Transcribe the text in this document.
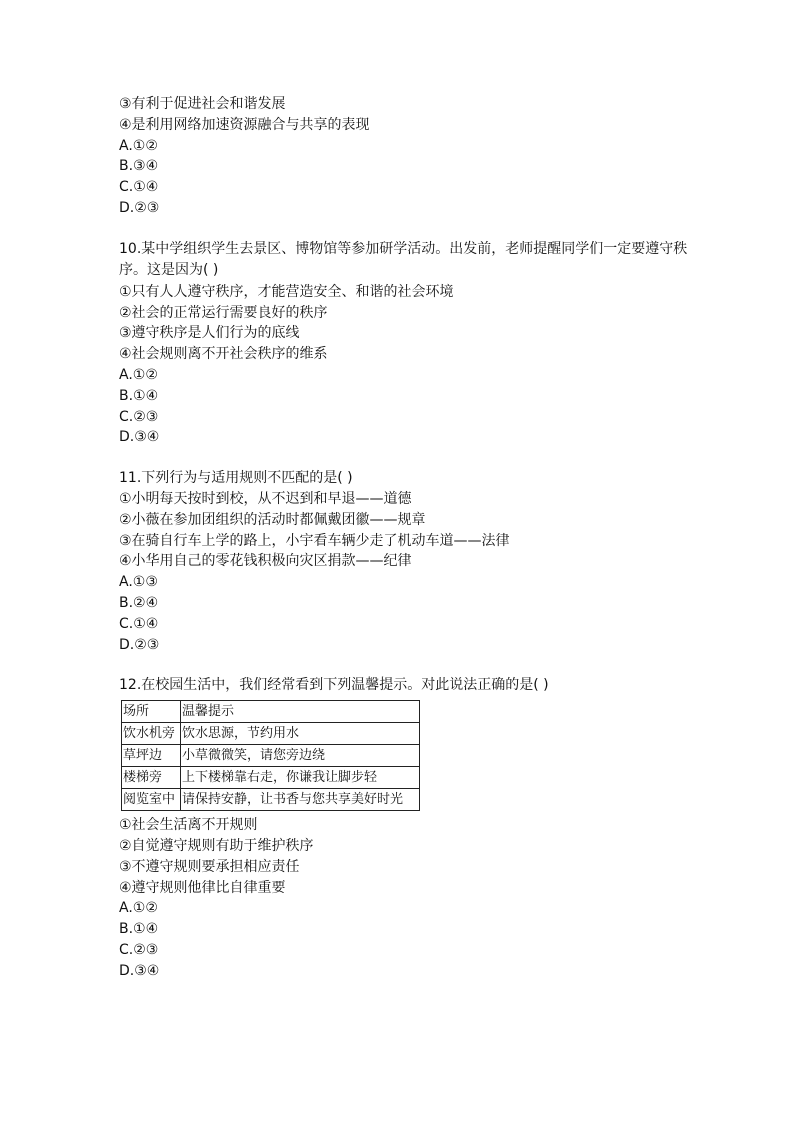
③有利于促进社会和谐发展
④是利用网络加速资源融合与共享的表现
A.①②
B.③④
C.①④
D.②③
10.某中学组织学生去景区、博物馆等参加研学活动。出发前，老师提醒同学们一定要遵守秩序。这是因为( )
①只有人人遵守秩序，才能营造安全、和谐的社会环境
②社会的正常运行需要良好的秩序
③遵守秩序是人们行为的底线
④社会规则离不开社会秩序的维系
A.①②
B.①④
C.②③
D.③④
11.下列行为与适用规则不匹配的是( )
①小明每天按时到校，从不迟到和早退——道德
②小薇在参加团组织的活动时都佩戴团徽——规章
③在骑自行车上学的路上，小宇看车辆少走了机动车道——法律
④小华用自己的零花钱积极向灾区捐款——纪律
A.①③
B.②④
C.①④
D.②③
12.在校园生活中，我们经常看到下列温馨提示。对此说法正确的是( )
场所	温馨提示
饮水机旁	饮水思源，节约用水
草坪边	小草微微笑，请您旁边绕
楼梯旁	上下楼梯靠右走，你谦我让脚步轻
阅览室中	请保持安静，让书香与您共享美好时光
①社会生活离不开规则
②自觉遵守规则有助于维护秩序
③不遵守规则要承担相应责任
④遵守规则他律比自律重要
A.①②
B.①④
C.②③
D.③④
